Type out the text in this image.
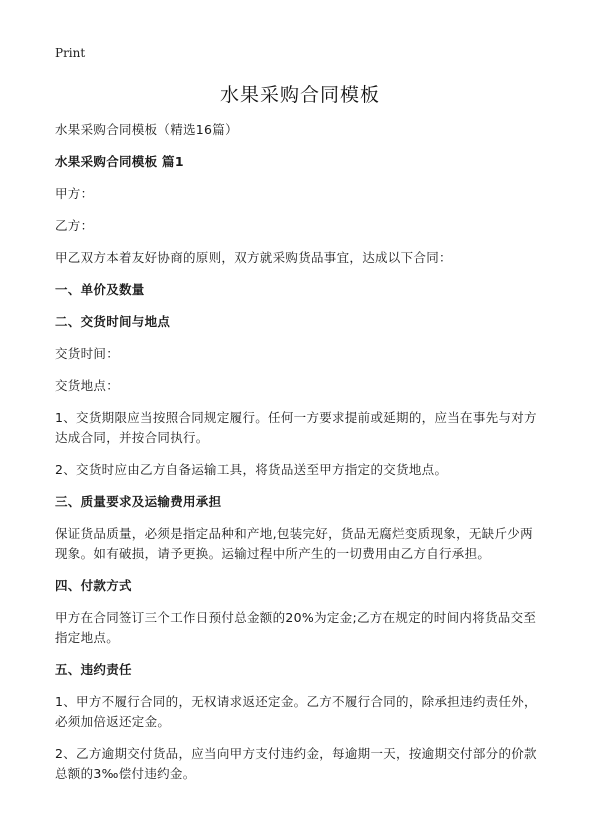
Print
水果采购合同模板

水果采购合同模板（精选16篇）

水果采购合同模板 篇1

甲方：

乙方：

甲乙双方本着友好协商的原则，双方就采购货品事宜，达成以下合同：

一、单价及数量

二、交货时间与地点

交货时间：

交货地点：

1、交货期限应当按照合同规定履行。任何一方要求提前或延期的，应当在事先与对方达成合同，并按合同执行。

2、交货时应由乙方自备运输工具，将货品送至甲方指定的交货地点。

三、质量要求及运输费用承担

保证货品质量，必须是指定品种和产地,包装完好，货品无腐烂变质现象，无缺斤少两现象。如有破损，请予更换。运输过程中所产生的一切费用由乙方自行承担。

四、付款方式

甲方在合同签订三个工作日预付总金额的20%为定金;乙方在规定的时间内将货品交至指定地点。

五、违约责任

1、甲方不履行合同的，无权请求返还定金。乙方不履行合同的，除承担违约责任外，必须加倍返还定金。

2、乙方逾期交付货品，应当向甲方支付违约金，每逾期一天，按逾期交付部分的价款总额的3‰偿付违约金。
